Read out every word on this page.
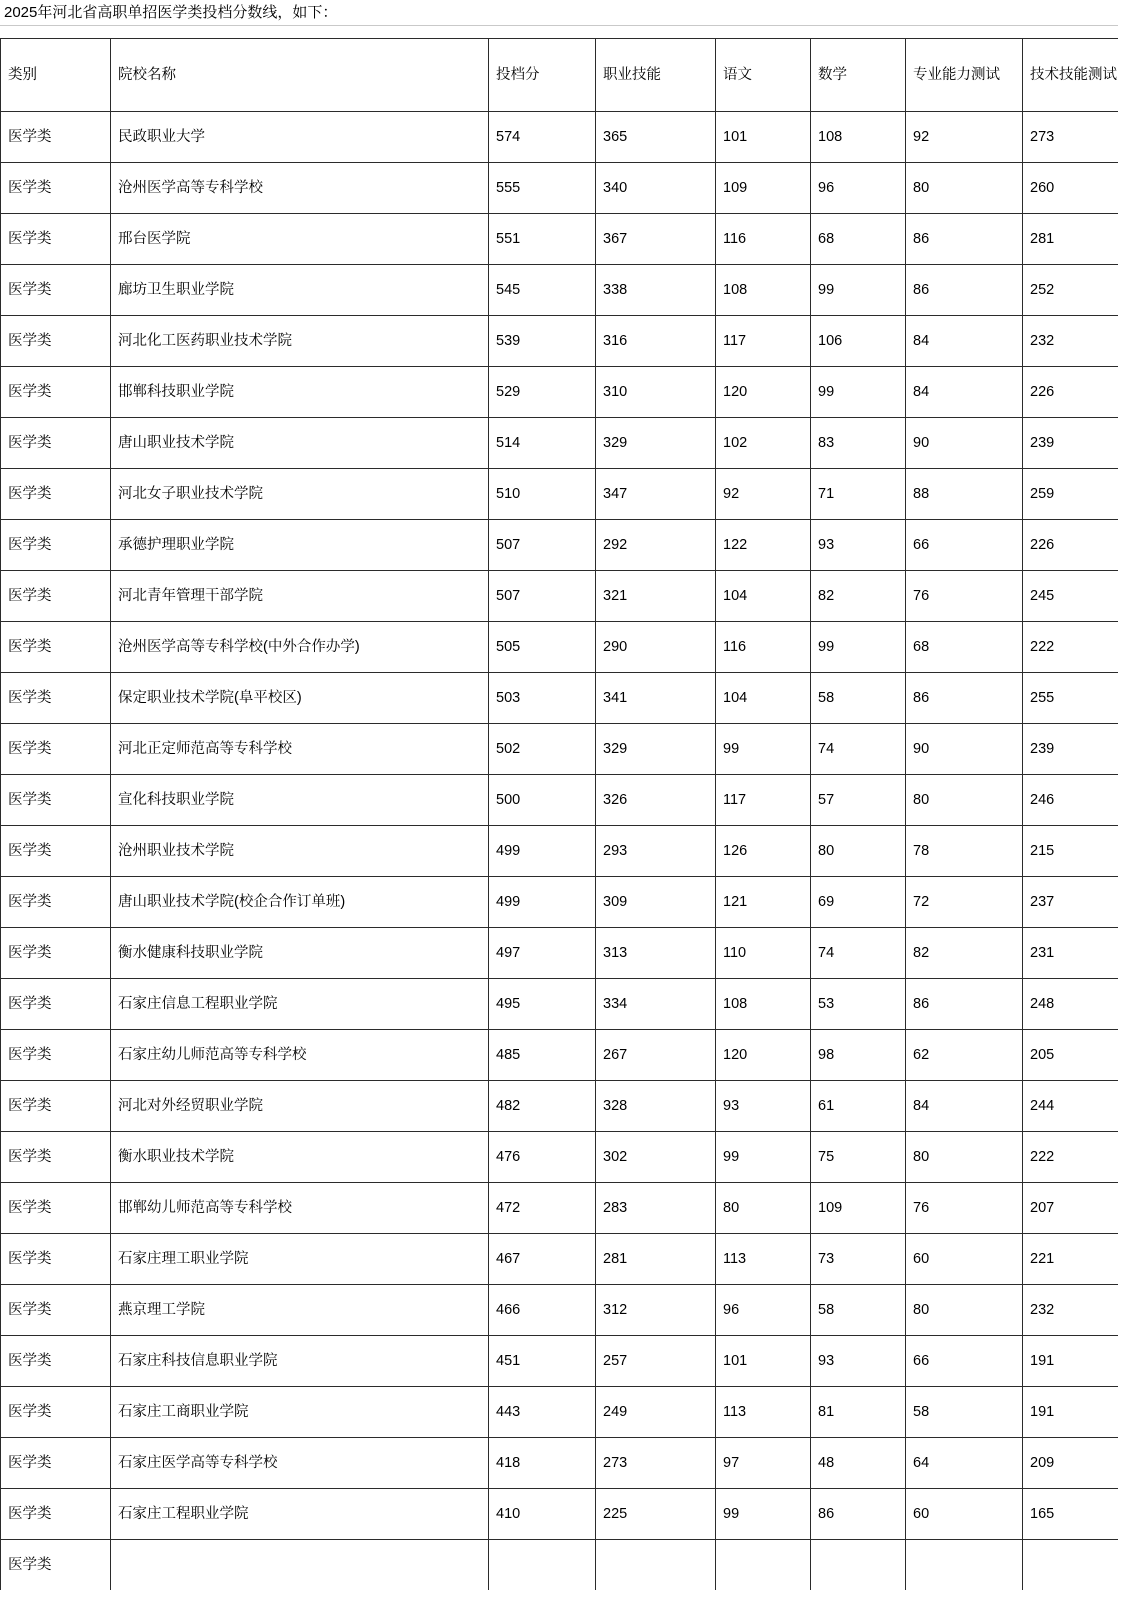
2025年河北省高职单招医学类投档分数线，如下：
类别	院校名称	投档分	职业技能	语文	数学	专业能力测试	技术技能测试
医学类	民政职业大学	574	365	101	108	92	273
医学类	沧州医学高等专科学校	555	340	109	96	80	260
医学类	邢台医学院	551	367	116	68	86	281
医学类	廊坊卫生职业学院	545	338	108	99	86	252
医学类	河北化工医药职业技术学院	539	316	117	106	84	232
医学类	邯郸科技职业学院	529	310	120	99	84	226
医学类	唐山职业技术学院	514	329	102	83	90	239
医学类	河北女子职业技术学院	510	347	92	71	88	259
医学类	承德护理职业学院	507	292	122	93	66	226
医学类	河北青年管理干部学院	507	321	104	82	76	245
医学类	沧州医学高等专科学校(中外合作办学)	505	290	116	99	68	222
医学类	保定职业技术学院(阜平校区)	503	341	104	58	86	255
医学类	河北正定师范高等专科学校	502	329	99	74	90	239
医学类	宣化科技职业学院	500	326	117	57	80	246
医学类	沧州职业技术学院	499	293	126	80	78	215
医学类	唐山职业技术学院(校企合作订单班)	499	309	121	69	72	237
医学类	衡水健康科技职业学院	497	313	110	74	82	231
医学类	石家庄信息工程职业学院	495	334	108	53	86	248
医学类	石家庄幼儿师范高等专科学校	485	267	120	98	62	205
医学类	河北对外经贸职业学院	482	328	93	61	84	244
医学类	衡水职业技术学院	476	302	99	75	80	222
医学类	邯郸幼儿师范高等专科学校	472	283	80	109	76	207
医学类	石家庄理工职业学院	467	281	113	73	60	221
医学类	燕京理工学院	466	312	96	58	80	232
医学类	石家庄科技信息职业学院	451	257	101	93	66	191
医学类	石家庄工商职业学院	443	249	113	81	58	191
医学类	石家庄医学高等专科学校	418	273	97	48	64	209
医学类	石家庄工程职业学院	410	225	99	86	60	165
医学类							
